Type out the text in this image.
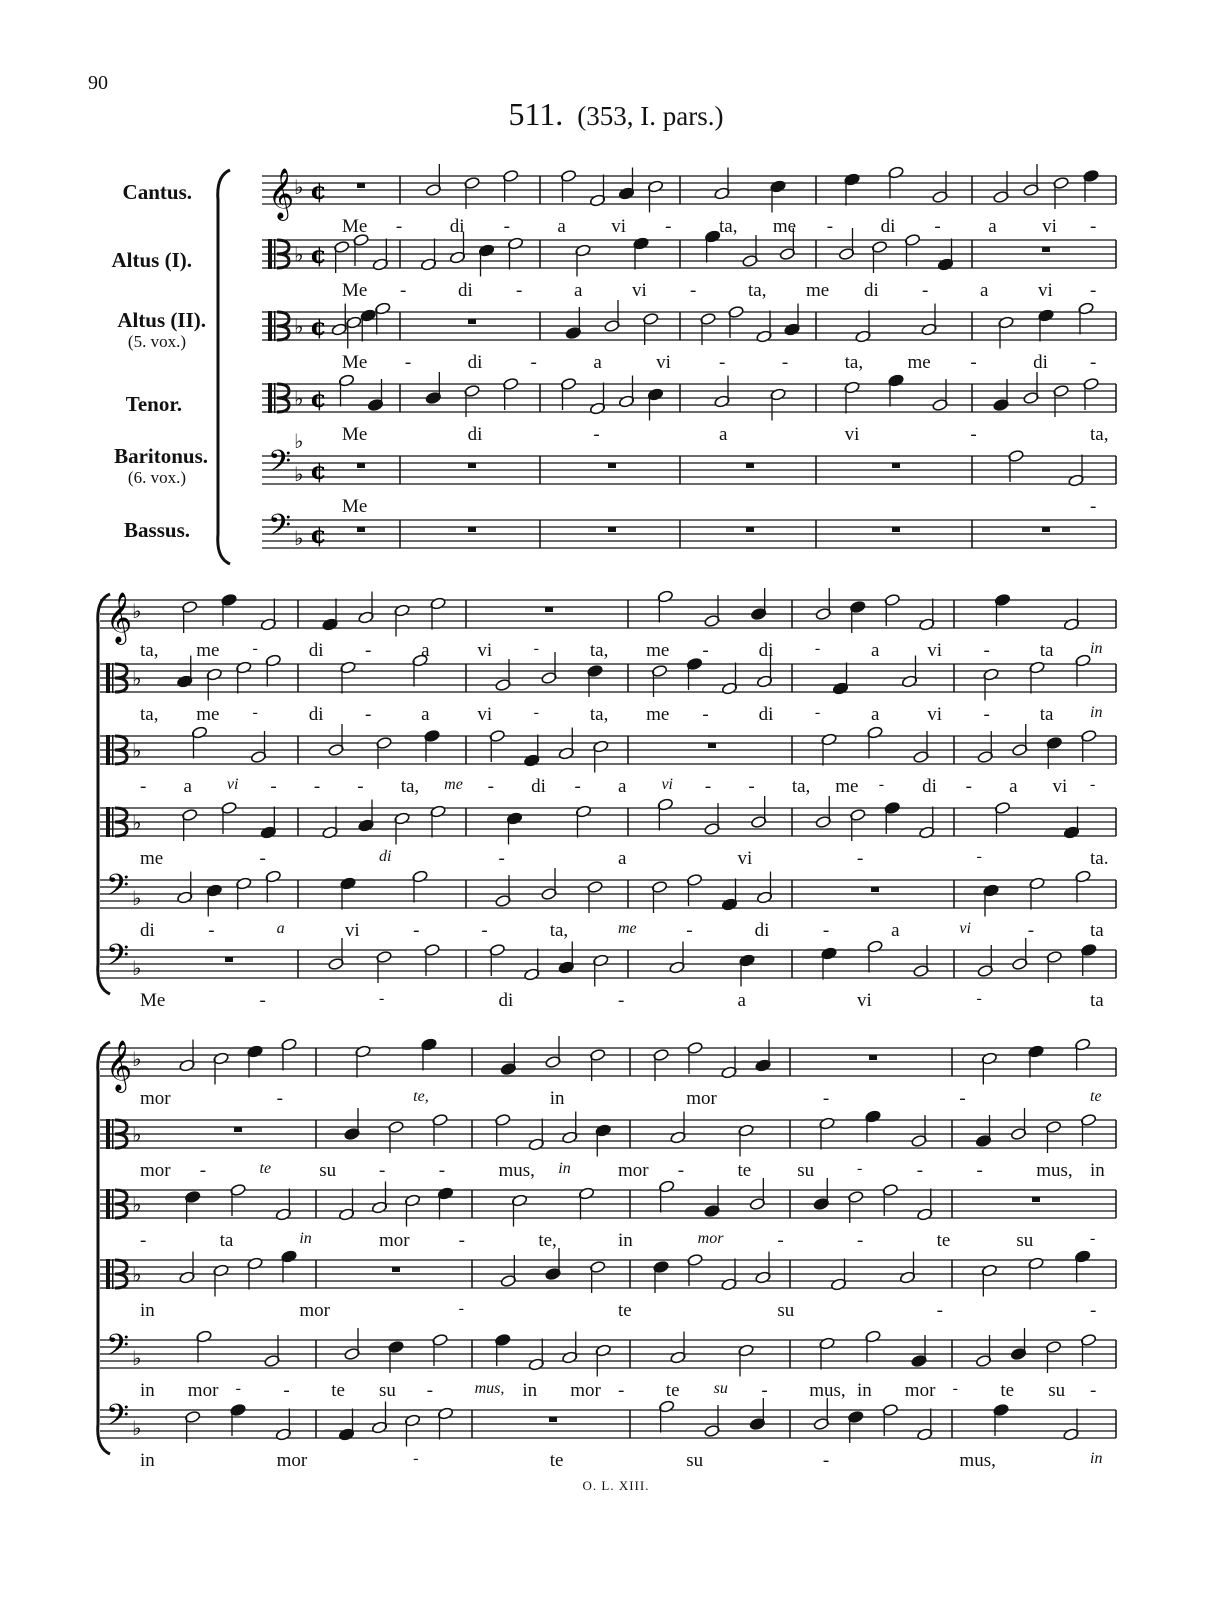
𝄞 ♭ ¢
♭ ¢
♭ ¢
♭ ¢
𝄢 ♭
♭
¢
𝄢 ♭ ¢
𝄞 ♭
♭
♭
♭
𝄢 ♭
𝄢 ♭
𝄞 ♭
♭
♭
♭
𝄢 ♭
𝄢 ♭
90
511. (353, I. pars.)
Cantus.
Altus (I).
Altus (II).
(5. vox.)
Tenor.
Baritonus.
(6. vox.)
Bassus.
Me -	di -	a vi -	ta, me -	di -	a vi -
Me -	di -	a	vi -	ta, me di -	a	vi -
Me -	di	-	a	vi	-	-	ta, me -	di -
Me	di	-	a	vi	-	ta,
Me	-
ta, me -	di -	a	vi	-	ta, me -	di	-	a	vi -	ta in
ta, me -	di -	a	vi	-	ta, me -	di	-	a	vi -	ta in
- a vi - - - ta, me - di - a vi - - ta, me - di - a vi -
me	-	di	-	a	vi	-	-	ta.
di	-	a	vi	-	-	ta,	me	-	di	-	a	vi	-	ta
Me	-	-	di	-	a	vi	-	ta
mor	-	te,	in	mor	-	-	te
mor -	te	su -	-	mus, in mor -	te su	-	-	-	mus, in
-	ta	in	mor	-	te,	in	mor	-	-	te	su	-
in	mor	-	te	su	-	-
in mor - - te su -	mus, in mor - te su - mus, in mor - te su -
in	mor	-	te	su	-	mus,	in
O. L. XIII.
